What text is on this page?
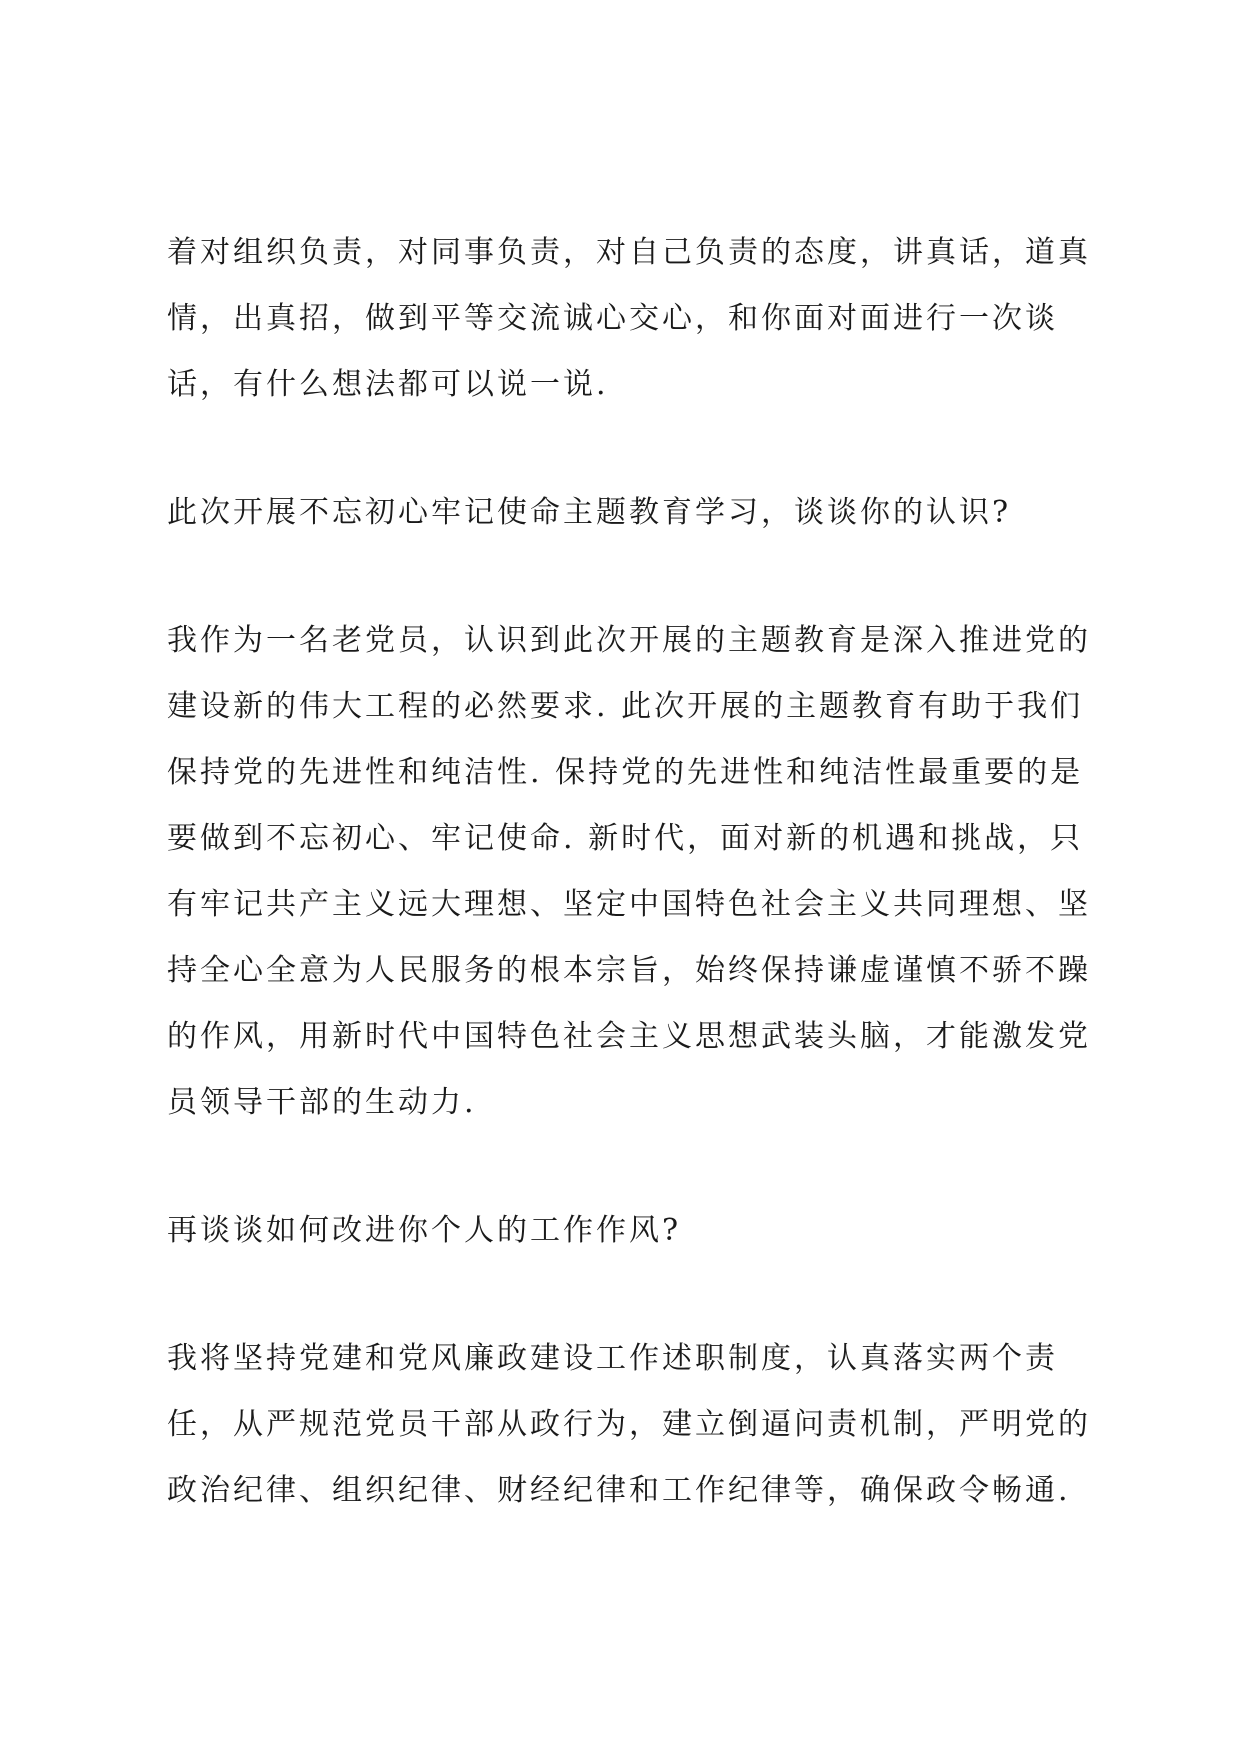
着对组织负责，对同事负责，对自己负责的态度，讲真话，道真情，出真招，做到平等交流诚心交心，和你面对面进行一次谈话，有什么想法都可以说一说.

此次开展不忘初心牢记使命主题教育学习，谈谈你的认识?

我作为一名老党员，认识到此次开展的主题教育是深入推进党的建设新的伟大工程的必然要求. 此次开展的主题教育有助于我们保持党的先进性和纯洁性. 保持党的先进性和纯洁性最重要的是要做到不忘初心、牢记使命. 新时代，面对新的机遇和挑战，只有牢记共产主义远大理想、坚定中国特色社会主义共同理想、坚持全心全意为人民服务的根本宗旨，始终保持谦虚谨慎不骄不躁的作风，用新时代中国特色社会主义思想武装头脑，才能激发党员领导干部的生动力.

再谈谈如何改进你个人的工作作风?

我将坚持党建和党风廉政建设工作述职制度，认真落实两个责任，从严规范党员干部从政行为，建立倒逼问责机制，严明党的政治纪律、组织纪律、财经纪律和工作纪律等，确保政令畅通.
